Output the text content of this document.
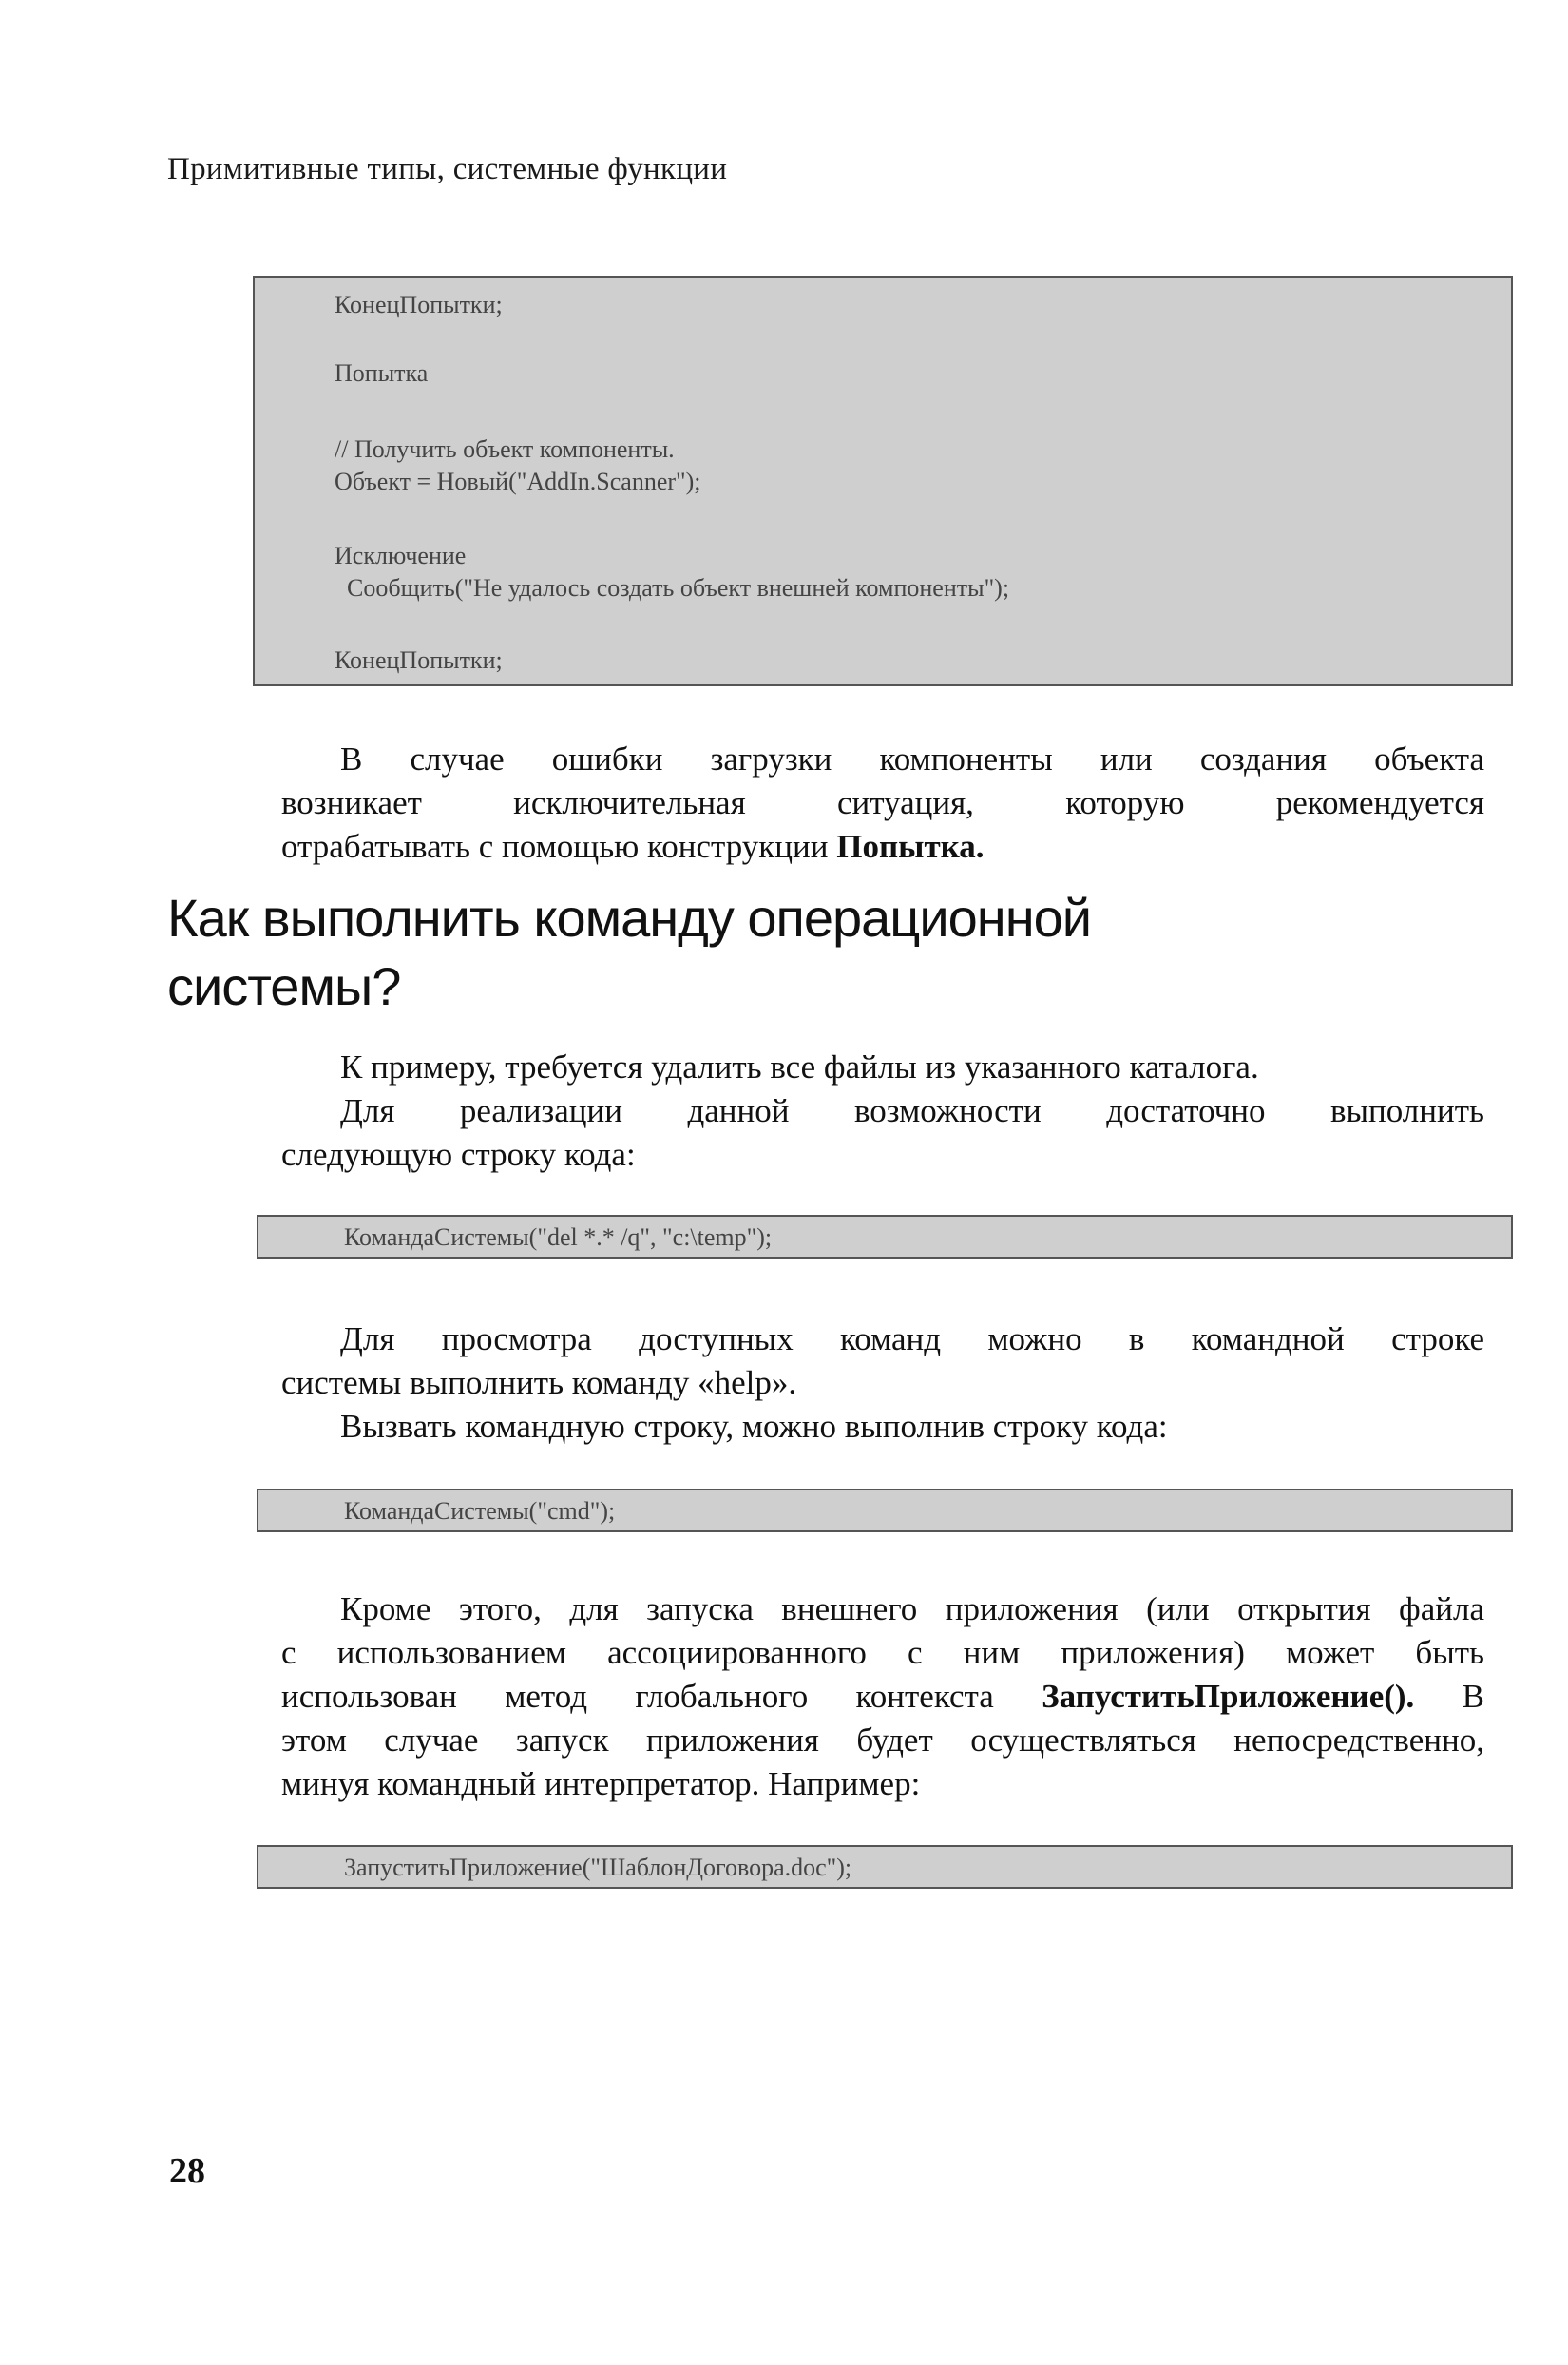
Примитивные типы, системные функции
КонецПопытки;
Попытка
// Получить объект компоненты.
Объект = Новый("AddIn.Scanner");
Исключение
Сообщить("Не удалось создать объект внешней компоненты");
КонецПопытки;
В случае ошибки загрузки компоненты или создания объекта
возникает исключительная ситуация, которую рекомендуется
отрабатывать с помощью конструкции Попытка.
Как выполнить команду операционной
системы?
К примеру, требуется удалить все файлы из указанного каталога.
Для реализации данной возможности достаточно выполнить
следующую строку кода:
КомандаСистемы("del *.* /q", "c:\temp");
Для просмотра доступных команд можно в командной строке
системы выполнить команду «help».
Вызвать командную строку, можно выполнив строку кода:
КомандаСистемы("cmd");
Кроме этого, для запуска внешнего приложения (или открытия файла
с использованием ассоциированного с ним приложения) может быть
использован метод глобального контекста ЗапуститьПриложение(). В
этом случае запуск приложения будет осуществляться непосредственно,
минуя командный интерпретатор. Например:
ЗапуститьПриложение("ШаблонДоговора.doc");
28
